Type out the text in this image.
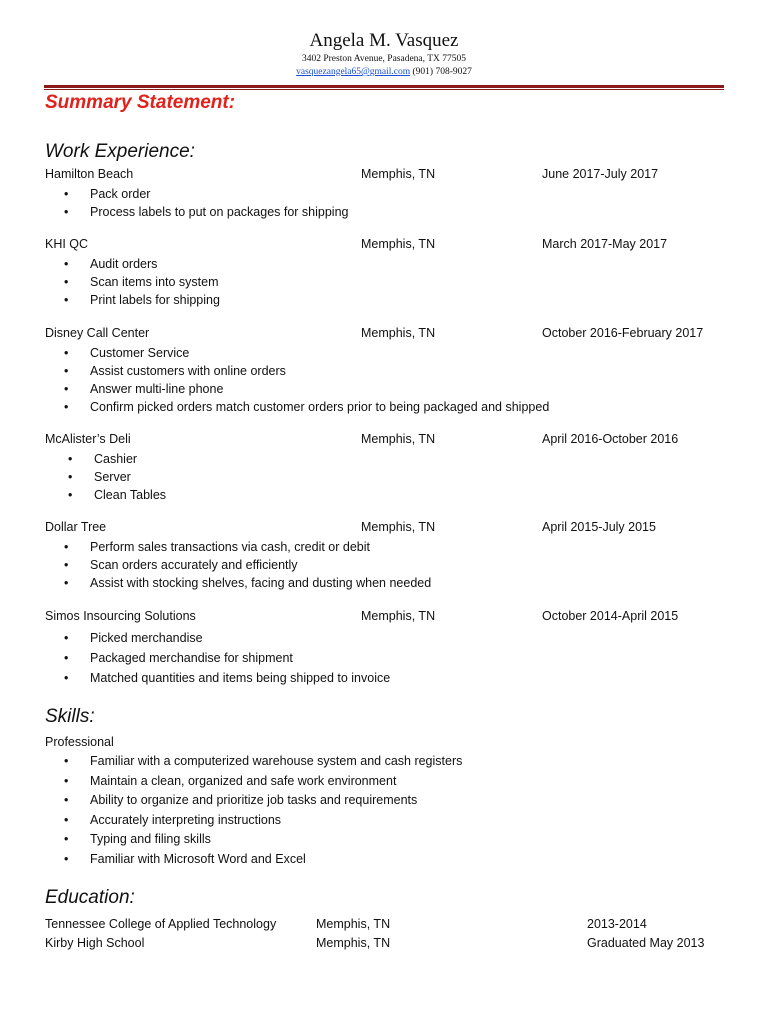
Angela M. Vasquez
3402 Preston Avenue, Pasadena, TX 77505
vasquezangela65@gmail.com (901) 708-9027
Summary Statement:
Work Experience:
Hamilton Beach	Memphis, TN	June 2017-July 2017
• Pack order
• Process labels to put on packages for shipping
KHI QC	Memphis, TN	March 2017-May 2017
• Audit orders
• Scan items into system
• Print labels for shipping
Disney Call Center	Memphis, TN	October 2016-February 2017
• Customer Service
• Assist customers with online orders
• Answer multi-line phone
• Confirm picked orders match customer orders prior to being packaged and shipped
McAlister’s Deli	Memphis, TN	April 2016-October 2016
• Cashier
• Server
• Clean Tables
Dollar Tree	Memphis, TN	April 2015-July 2015
• Perform sales transactions via cash, credit or debit
• Scan orders accurately and efficiently
• Assist with stocking shelves, facing and dusting when needed
Simos Insourcing Solutions	Memphis, TN	October 2014-April 2015
• Picked merchandise
• Packaged merchandise for shipment
• Matched quantities and items being shipped to invoice
Skills:
Professional
• Familiar with a computerized warehouse system and cash registers
• Maintain a clean, organized and safe work environment
• Ability to organize and prioritize job tasks and requirements
• Accurately interpreting instructions
• Typing and filing skills
• Familiar with Microsoft Word and Excel
Education:
Tennessee College of Applied Technology	Memphis, TN	2013-2014
Kirby High School	Memphis, TN	Graduated May 2013
